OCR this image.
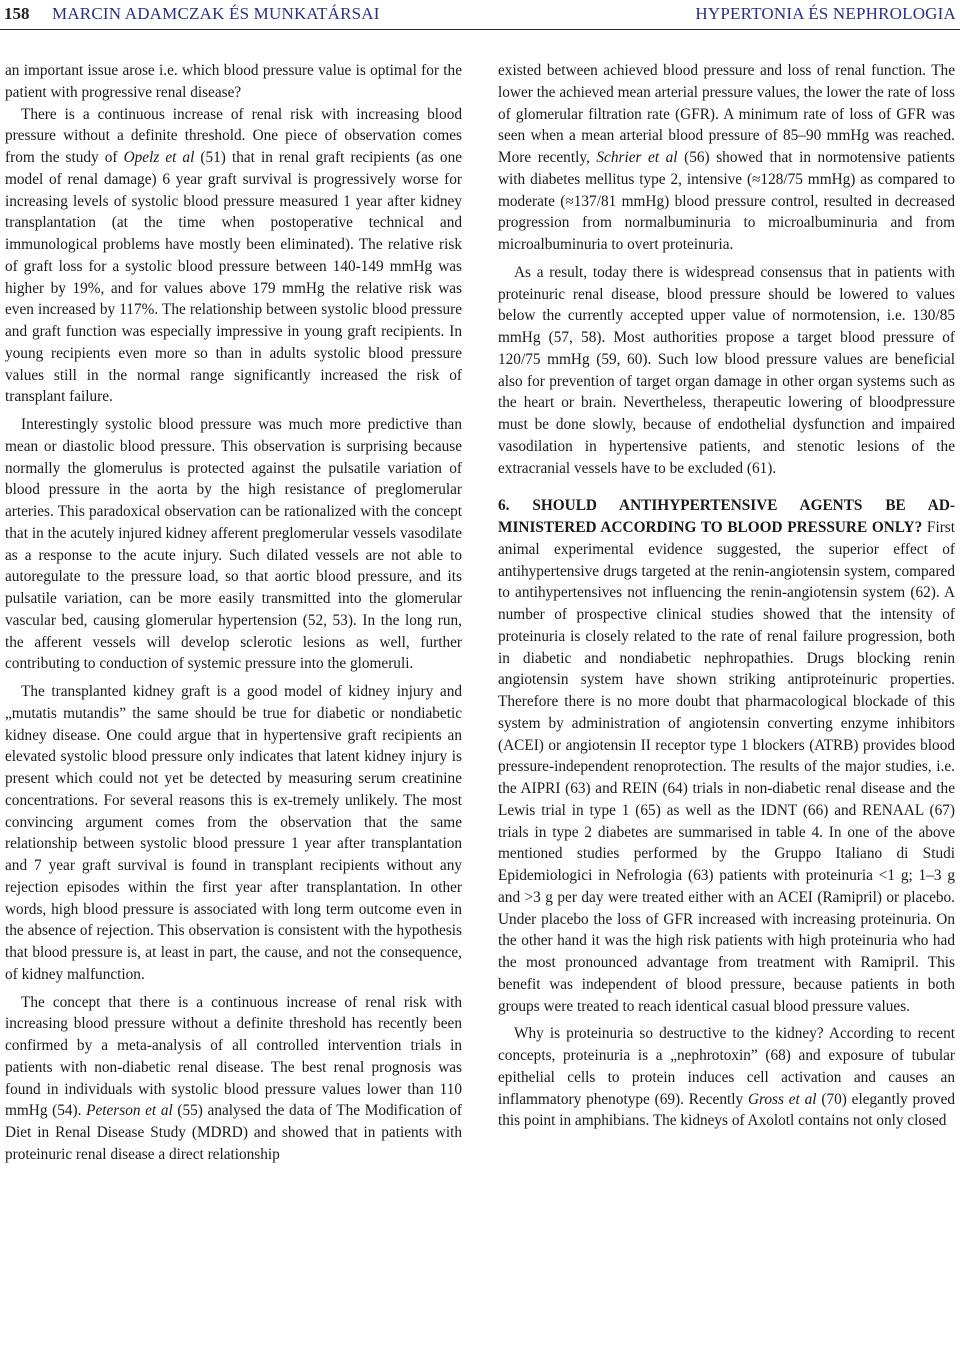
158 MARCIN ADAMCZAK ÉS MUNKATÁRSAI	HYPERTONIA ÉS NEPHROLOGIA

an important issue arose i.e. which blood pressure value is optimal for the patient with progressive renal disease?

There is a continuous increase of renal risk with increasing blood pressure without a definite threshold. One piece of observation comes from the study of Opelz et al (51) that in renal graft recipients (as one model of renal damage) 6 year graft survival is progressively worse for increasing levels of systolic blood pressure measured 1 year after kidney transplantation (at the time when postoperative technical and immunological problems have mostly been eliminated). The relative risk of graft loss for a systolic blood pressure between 140-149 mmHg was higher by 19%, and for values above 179 mmHg the relative risk was even increased by 117%. The relationship between systolic blood pressure and graft function was especially impressive in young graft recipients. In young recipients even more so than in adults systolic blood pressure values still in the normal range significantly increased the risk of transplant failure.

Interestingly systolic blood pressure was much more predictive than mean or diastolic blood pressure. This observation is surprising because normally the glomerulus is protected against the pulsatile variation of blood pressure in the aorta by the high resistance of preglomerular arteries. This paradoxical observation can be rationalized with the concept that in the acutely injured kidney afferent preglomerular vessels vasodilate as a response to the acute injury. Such dilated vessels are not able to autoregulate to the pressure load, so that aortic blood pressure, and its pulsatile variation, can be more easily transmitted into the glomerular vascular bed, causing glomerular hypertension (52, 53). In the long run, the afferent vessels will develop sclerotic lesions as well, further contributing to conduction of systemic pressure into the glomeruli.

The transplanted kidney graft is a good model of kidney injury and „mutatis mutandis” the same should be true for diabetic or nondiabetic kidney disease. One could argue that in hypertensive graft recipients an elevated systolic blood pressure only indicates that latent kidney injury is present which could not yet be detected by measuring serum creatinine concentrations. For several reasons this is ex-tremely unlikely. The most convincing argument comes from the observation that the same relationship between systolic blood pressure 1 year after transplantation and 7 year graft survival is found in transplant recipients without any rejection episodes within the first year after transplantation. In other words, high blood pressure is associated with long term outcome even in the absence of rejection. This observation is consistent with the hypothesis that blood pressure is, at least in part, the cause, and not the consequence, of kidney malfunction.

The concept that there is a continuous increase of renal risk with increasing blood pressure without a definite threshold has recently been confirmed by a meta-analysis of all controlled intervention trials in patients with non-diabetic renal disease. The best renal prognosis was found in individuals with systolic blood pressure values lower than 110 mmHg (54). Peterson et al (55) analysed the data of The Modification of Diet in Renal Disease Study (MDRD) and showed that in patients with proteinuric renal disease a direct relationship

existed between achieved blood pressure and loss of renal function. The lower the achieved mean arterial pressure values, the lower the rate of loss of glomerular filtration rate (GFR). A minimum rate of loss of GFR was seen when a mean arterial blood pressure of 85–90 mmHg was reached. More recently, Schrier et al (56) showed that in normotensive patients with diabetes mellitus type 2, intensive (≈128/75 mmHg) as compared to moderate (≈137/81 mmHg) blood pressure control, resulted in decreased progression from normalbuminuria to microalbuminuria and from microalbuminuria to overt proteinuria.

As a result, today there is widespread consensus that in patients with proteinuric renal disease, blood pressure should be lowered to values below the currently accepted upper value of normotension, i.e. 130/85 mmHg (57, 58). Most authorities propose a target blood pressure of 120/75 mmHg (59, 60). Such low blood pressure values are beneficial also for prevention of target organ damage in other organ systems such as the heart or brain. Nevertheless, therapeutic lowering of bloodpressure must be done slowly, because of endothelial dysfunction and impaired vasodilation in hypertensive patients, and stenotic lesions of the extracranial vessels have to be excluded (61).

6. SHOULD ANTIHYPERTENSIVE AGENTS BE AD-MINISTERED ACCORDING TO BLOOD PRESSURE ONLY? First animal experimental evidence suggested, the superior effect of antihypertensive drugs targeted at the renin-angiotensin system, compared to antihypertensives not influencing the renin-angiotensin system (62). A number of prospective clinical studies showed that the intensity of proteinuria is closely related to the rate of renal failure progression, both in diabetic and nondiabetic nephropathies. Drugs blocking renin angiotensin system have shown striking antiproteinuric properties. Therefore there is no more doubt that pharmacological blockade of this system by administration of angiotensin converting enzyme inhibitors (ACEI) or angiotensin II receptor type 1 blockers (ATRB) provides blood pressure-independent renoprotection. The results of the major studies, i.e. the AIPRI (63) and REIN (64) trials in non-diabetic renal disease and the Lewis trial in type 1 (65) as well as the IDNT (66) and RENAAL (67) trials in type 2 diabetes are summarised in table 4. In one of the above mentioned studies performed by the Gruppo Italiano di Studi Epidemiologici in Nefrologia (63) patients with proteinuria <1 g; 1–3 g and >3 g per day were treated either with an ACEI (Ramipril) or placebo. Under placebo the loss of GFR increased with increasing proteinuria. On the other hand it was the high risk patients with high proteinuria who had the most pronounced advantage from treatment with Ramipril. This benefit was independent of blood pressure, because patients in both groups were treated to reach identical casual blood pressure values.

Why is proteinuria so destructive to the kidney? According to recent concepts, proteinuria is a „nephrotoxin” (68) and exposure of tubular epithelial cells to protein induces cell activation and causes an inflammatory phenotype (69). Recently Gross et al (70) elegantly proved this point in amphibians. The kidneys of Axolotl contains not only closed
